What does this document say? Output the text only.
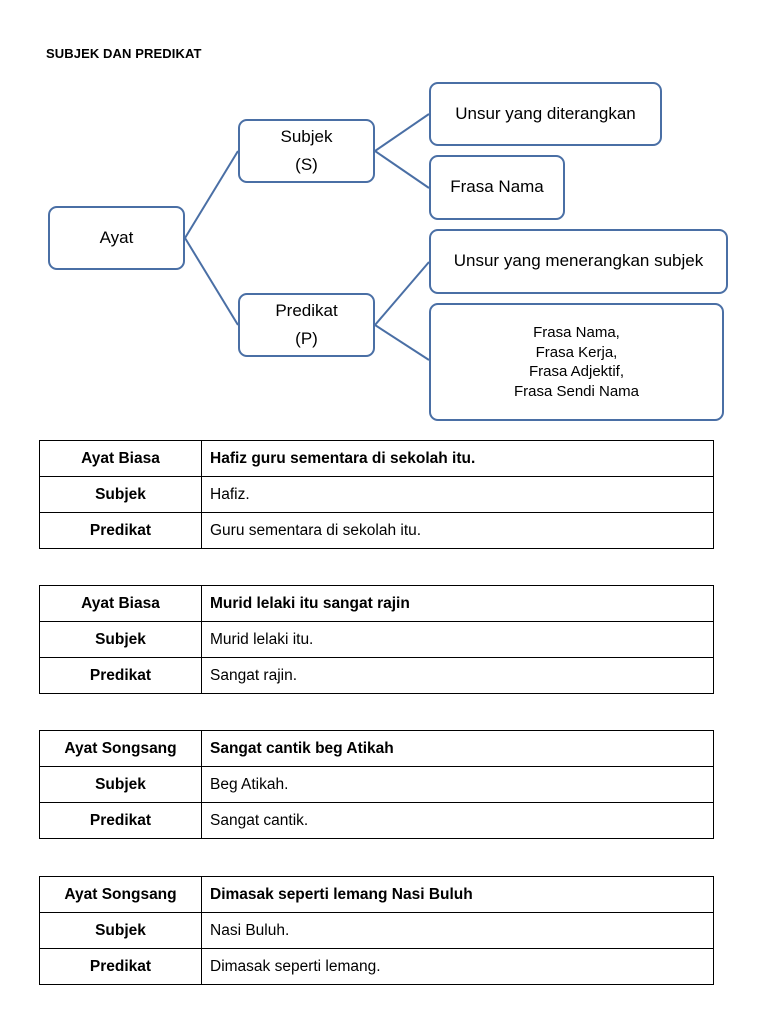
SUBJEK DAN PREDIKAT
Ayat
Subjek
(S)
Predikat
(P)
Unsur yang diterangkan
Frasa Nama
Unsur yang menerangkan subjek
Frasa Nama,
Frasa Kerja,
Frasa Adjektif,
Frasa Sendi Nama
Ayat Biasa	Hafiz guru sementara di sekolah itu.
Subjek	Hafiz.
Predikat	Guru sementara di sekolah itu.
Ayat Biasa	Murid lelaki itu sangat rajin
Subjek	Murid lelaki itu.
Predikat	Sangat rajin.
Ayat Songsang	Sangat cantik beg Atikah
Subjek	Beg Atikah.
Predikat	Sangat cantik.
Ayat Songsang	Dimasak seperti lemang Nasi Buluh
Subjek	Nasi Buluh.
Predikat	Dimasak seperti lemang.
